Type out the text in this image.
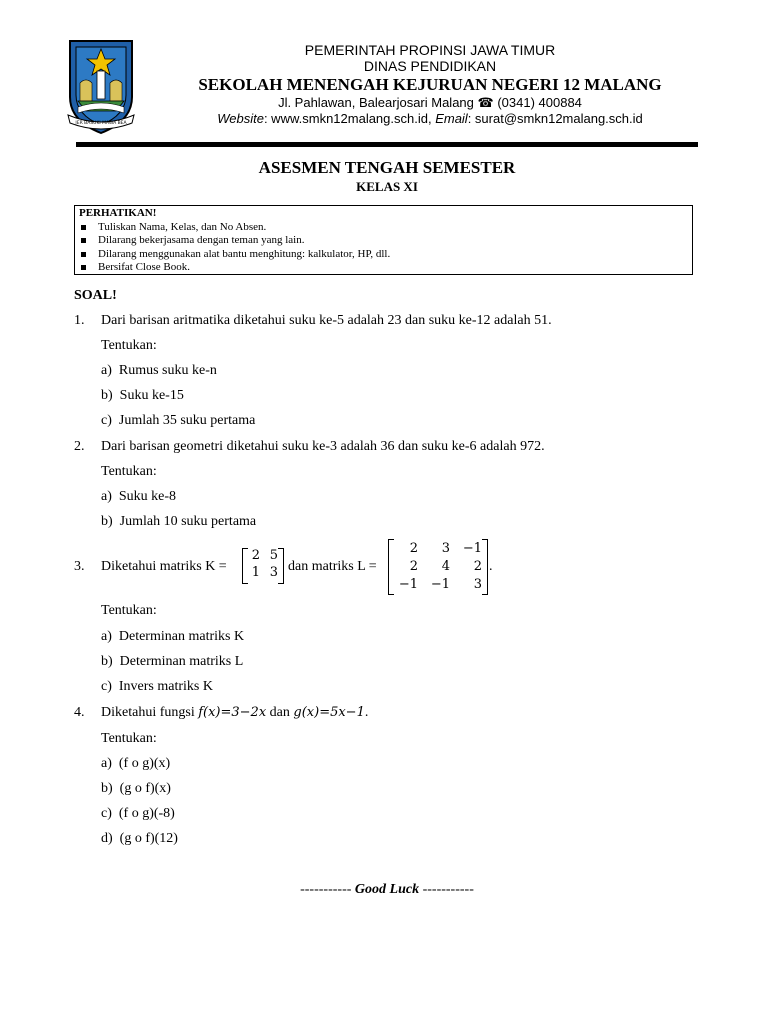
JER BASUKI MAWA BEA
PEMERINTAH PROPINSI JAWA TIMUR
DINAS PENDIDIKAN
SEKOLAH MENENGAH KEJURUAN NEGERI 12 MALANG
Jl. Pahlawan, Balearjosari Malang ☎ (0341) 400884
Website: www.smkn12malang.sch.id, Email: surat@smkn12malang.sch.id
ASESMEN TENGAH SEMESTER
KELAS XI
PERHATIKAN!
Tuliskan Nama, Kelas, dan No Absen.
Dilarang bekerjasama dengan teman yang lain.
Dilarang menggunakan alat bantu menghitung: kalkulator, HP, dll.
Bersifat Close Book.
SOAL!
1. Dari barisan aritmatika diketahui suku ke-5 adalah 23 dan suku ke-12 adalah 51.
Tentukan:
a)  Rumus suku ke-n
b)  Suku ke-15
c)  Jumlah 35 suku pertama
2. Dari barisan geometri diketahui suku ke-3 adalah 36 dan suku ke-6 adalah 972.
Tentukan:
a)  Suku ke-8
b)  Jumlah 10 suku pertama
3. Diketahui matriks K =
2 5
1 3 dan matriks L =
2	3 −1
2	4	2
−1 −1	3
.
Tentukan:
a)  Determinan matriks K
b)  Determinan matriks L
c)  Invers matriks K
4. Diketahui fungsi f(x)=3−2x dan g(x)=5x−1.
Tentukan:
a)  (f o g)(x)
b)  (g o f)(x)
c)  (f o g)(-8)
d)  (g o f)(12)
----------- Good Luck -----------
